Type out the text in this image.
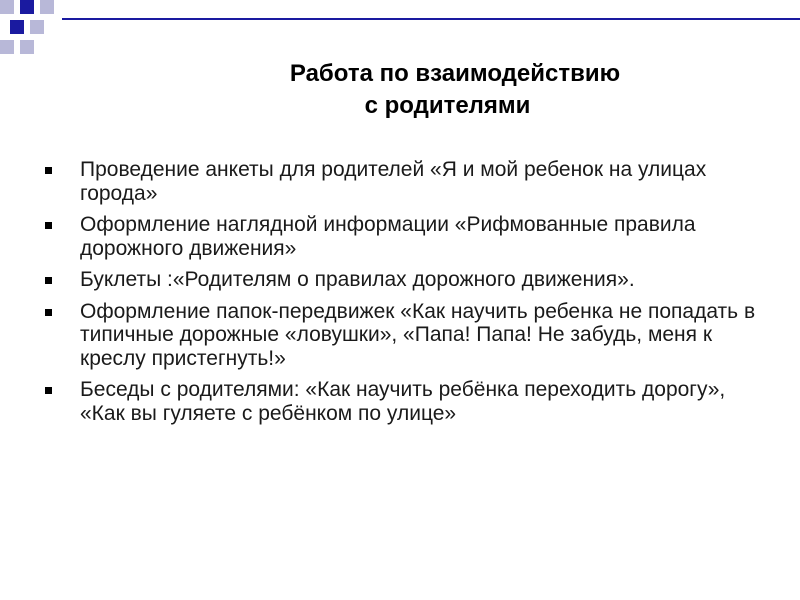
Работа по взаимодействию
с родителями
Проведение анкеты для родителей «Я и мой ребенок на улицах города»
Оформление наглядной информации «Рифмованные правила дорожного движения»
Буклеты :«Родителям о правилах дорожного движения».
Оформление папок-передвижек «Как научить ребенка не попадать в типичные дорожные «ловушки», «Папа! Папа! Не забудь, меня к креслу пристегнуть!»
Беседы с родителями: «Как научить ребёнка переходить дорогу», «Как вы гуляете с ребёнком по улице»
